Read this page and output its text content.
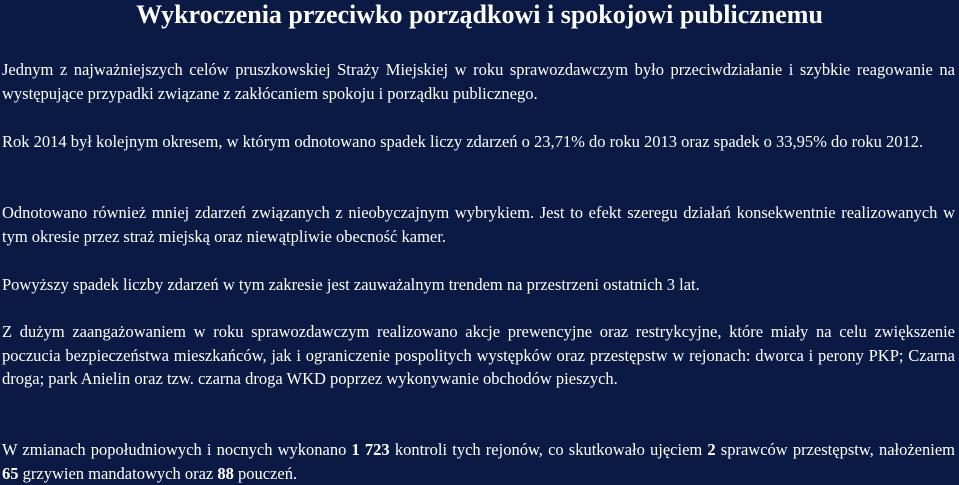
Wykroczenia przeciwko porządkowi i spokojowi publicznemu

Jednym z najważniejszych celów pruszkowskiej Straży Miejskiej w roku sprawozdawczym było przeciwdziałanie i szybkie reagowanie na występujące przypadki związane z zakłócaniem spokoju i porządku publicznego.

Rok 2014 był kolejnym okresem, w którym odnotowano spadek liczy zdarzeń o 23,71% do roku 2013 oraz spadek o 33,95% do roku 2012.

Odnotowano również mniej zdarzeń związanych z nieobyczajnym wybrykiem. Jest to efekt szeregu działań konsekwentnie realizowanych w tym okresie przez straż miejską oraz niewątpliwie obecność kamer.

Powyższy spadek liczby zdarzeń w tym zakresie jest zauważalnym trendem na przestrzeni ostatnich 3 lat.

Z dużym zaangażowaniem w roku sprawozdawczym realizowano akcje prewencyjne oraz restrykcyjne, które miały na celu zwiększenie poczucia bezpieczeństwa mieszkańców, jak i ograniczenie pospolitych występków oraz przestępstw w rejonach: dworca i perony PKP; Czarna droga; park Anielin oraz tzw. czarna droga WKD poprzez wykonywanie obchodów pieszych.

W zmianach popołudniowych i nocnych wykonano 1 723 kontroli tych rejonów, co skutkowało ujęciem 2 sprawców przestępstw, nałożeniem 65 grzywien mandatowych oraz 88 pouczeń.
